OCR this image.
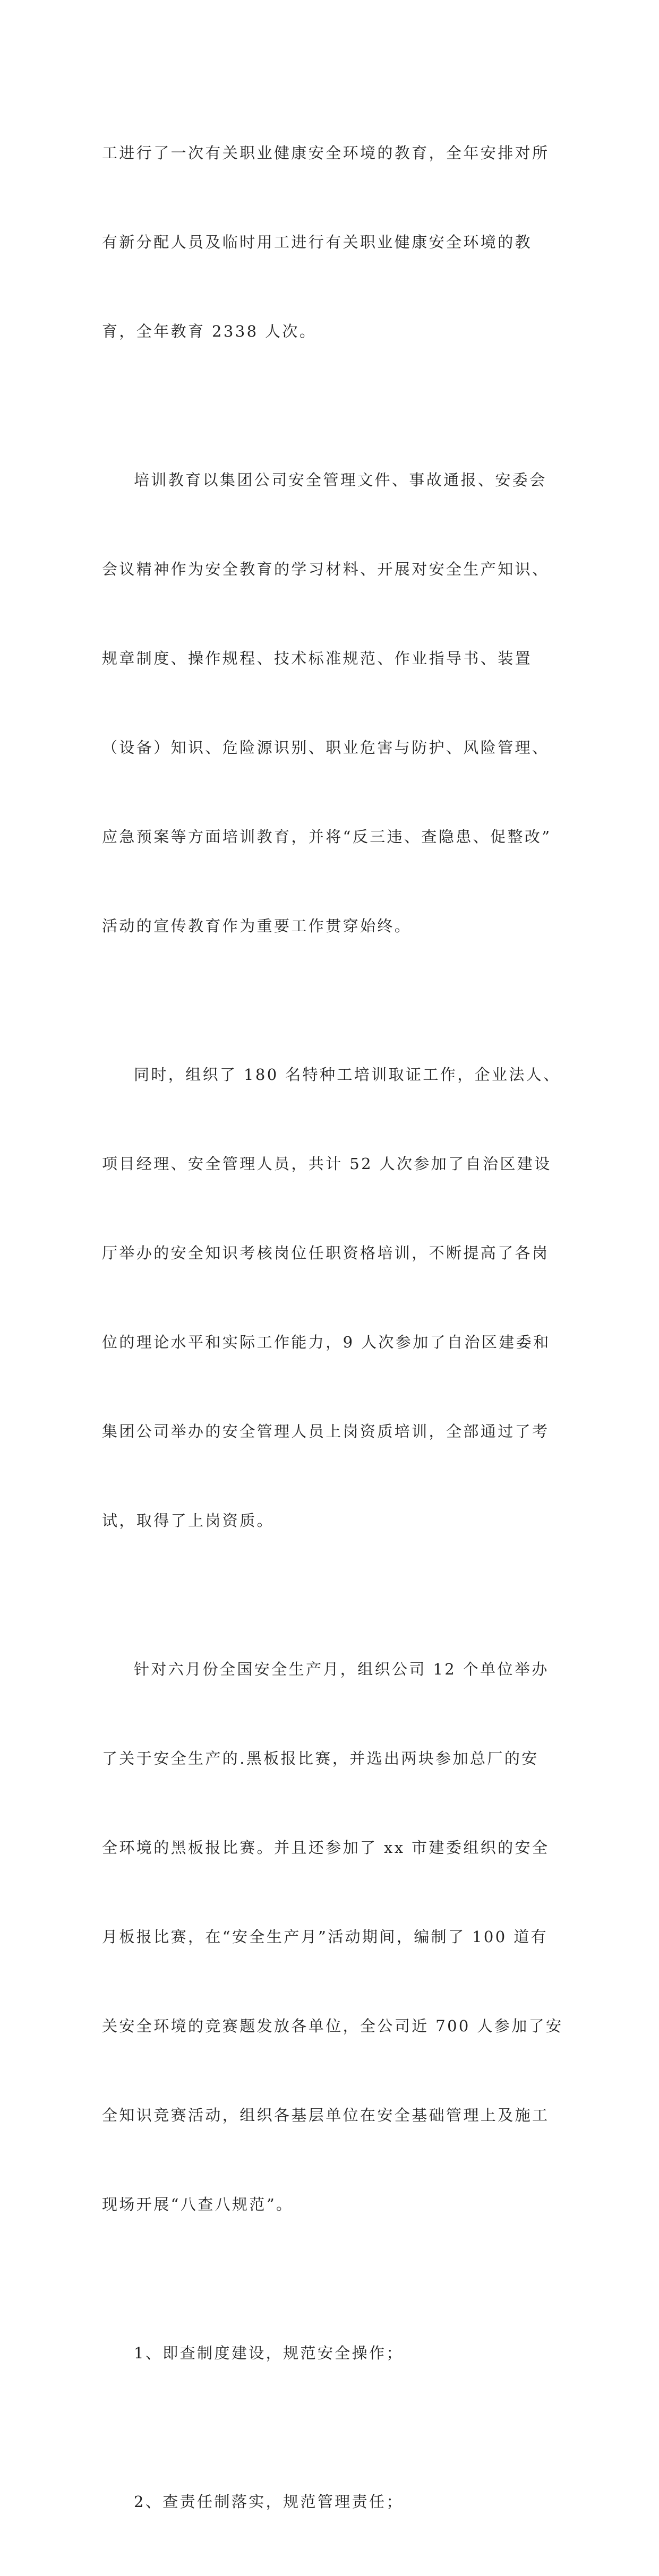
工进行了一次有关职业健康安全环境的教育，全年安排对所

有新分配人员及临时用工进行有关职业健康安全环境的教

育，全年教育 2338 人次。

培训教育以集团公司安全管理文件、事故通报、安委会

会议精神作为安全教育的学习材料、开展对安全生产知识、

规章制度、操作规程、技术标准规范、作业指导书、装置

（设备）知识、危险源识别、职业危害与防护、风险管理、

应急预案等方面培训教育，并将“反三违、查隐患、促整改”

活动的宣传教育作为重要工作贯穿始终。

同时，组织了 180 名特种工培训取证工作，企业法人、

项目经理、安全管理人员，共计 52 人次参加了自治区建设

厅举办的安全知识考核岗位任职资格培训，不断提高了各岗

位的理论水平和实际工作能力，9 人次参加了自治区建委和

集团公司举办的安全管理人员上岗资质培训，全部通过了考

试，取得了上岗资质。

针对六月份全国安全生产月，组织公司 12 个单位举办

了关于安全生产的.黑板报比赛，并选出两块参加总厂的安

全环境的黑板报比赛。并且还参加了 xx 市建委组织的安全

月板报比赛，在“安全生产月”活动期间，编制了 100 道有

关安全环境的竞赛题发放各单位，全公司近 700 人参加了安

全知识竞赛活动，组织各基层单位在安全基础管理上及施工

现场开展“八查八规范”。

1、即查制度建设，规范安全操作；

2、查责任制落实，规范管理责任；
